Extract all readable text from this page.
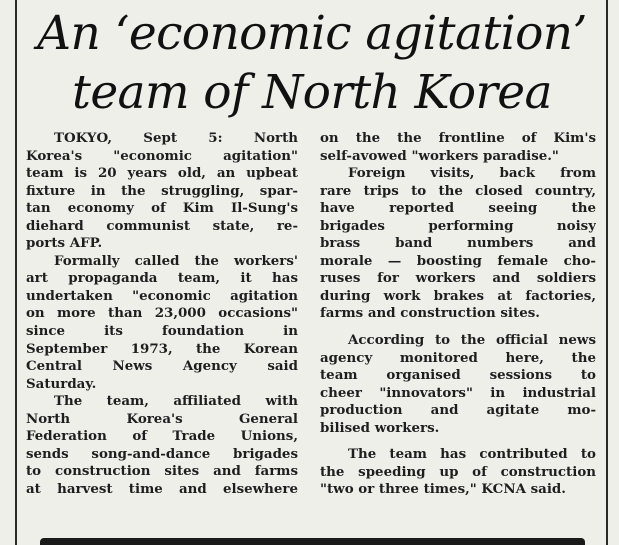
An ‘economic agitation’
team of North Korea
TOKYO, Sept 5: North
Korea's "economic agitation"
team is 20 years old, an upbeat
fixture in the struggling, spar-
tan economy of Kim Il-Sung's
diehard communist state, re-
ports AFP.
Formally called the workers'
art propaganda team, it has
undertaken "economic agitation
on more than 23,000 occasions"
since its foundation in
September 1973, the Korean
Central News Agency said
Saturday.
The team, affiliated with
North Korea's General
Federation of Trade Unions,
sends song-and-dance brigades
to construction sites and farms
at harvest time and elsewhere
on the the frontline of Kim's
self-avowed "workers paradise."
Foreign visits, back from
rare trips to the closed country,
have reported seeing the
brigades performing noisy
brass band numbers and
morale — boosting female cho-
ruses for workers and soldiers
during work brakes at factories,
farms and construction sites.
According to the official news
agency monitored here, the
team organised sessions to
cheer "innovators" in industrial
production and agitate mo-
bilised workers.
The team has contributed to
the speeding up of construction
"two or three times," KCNA said.
